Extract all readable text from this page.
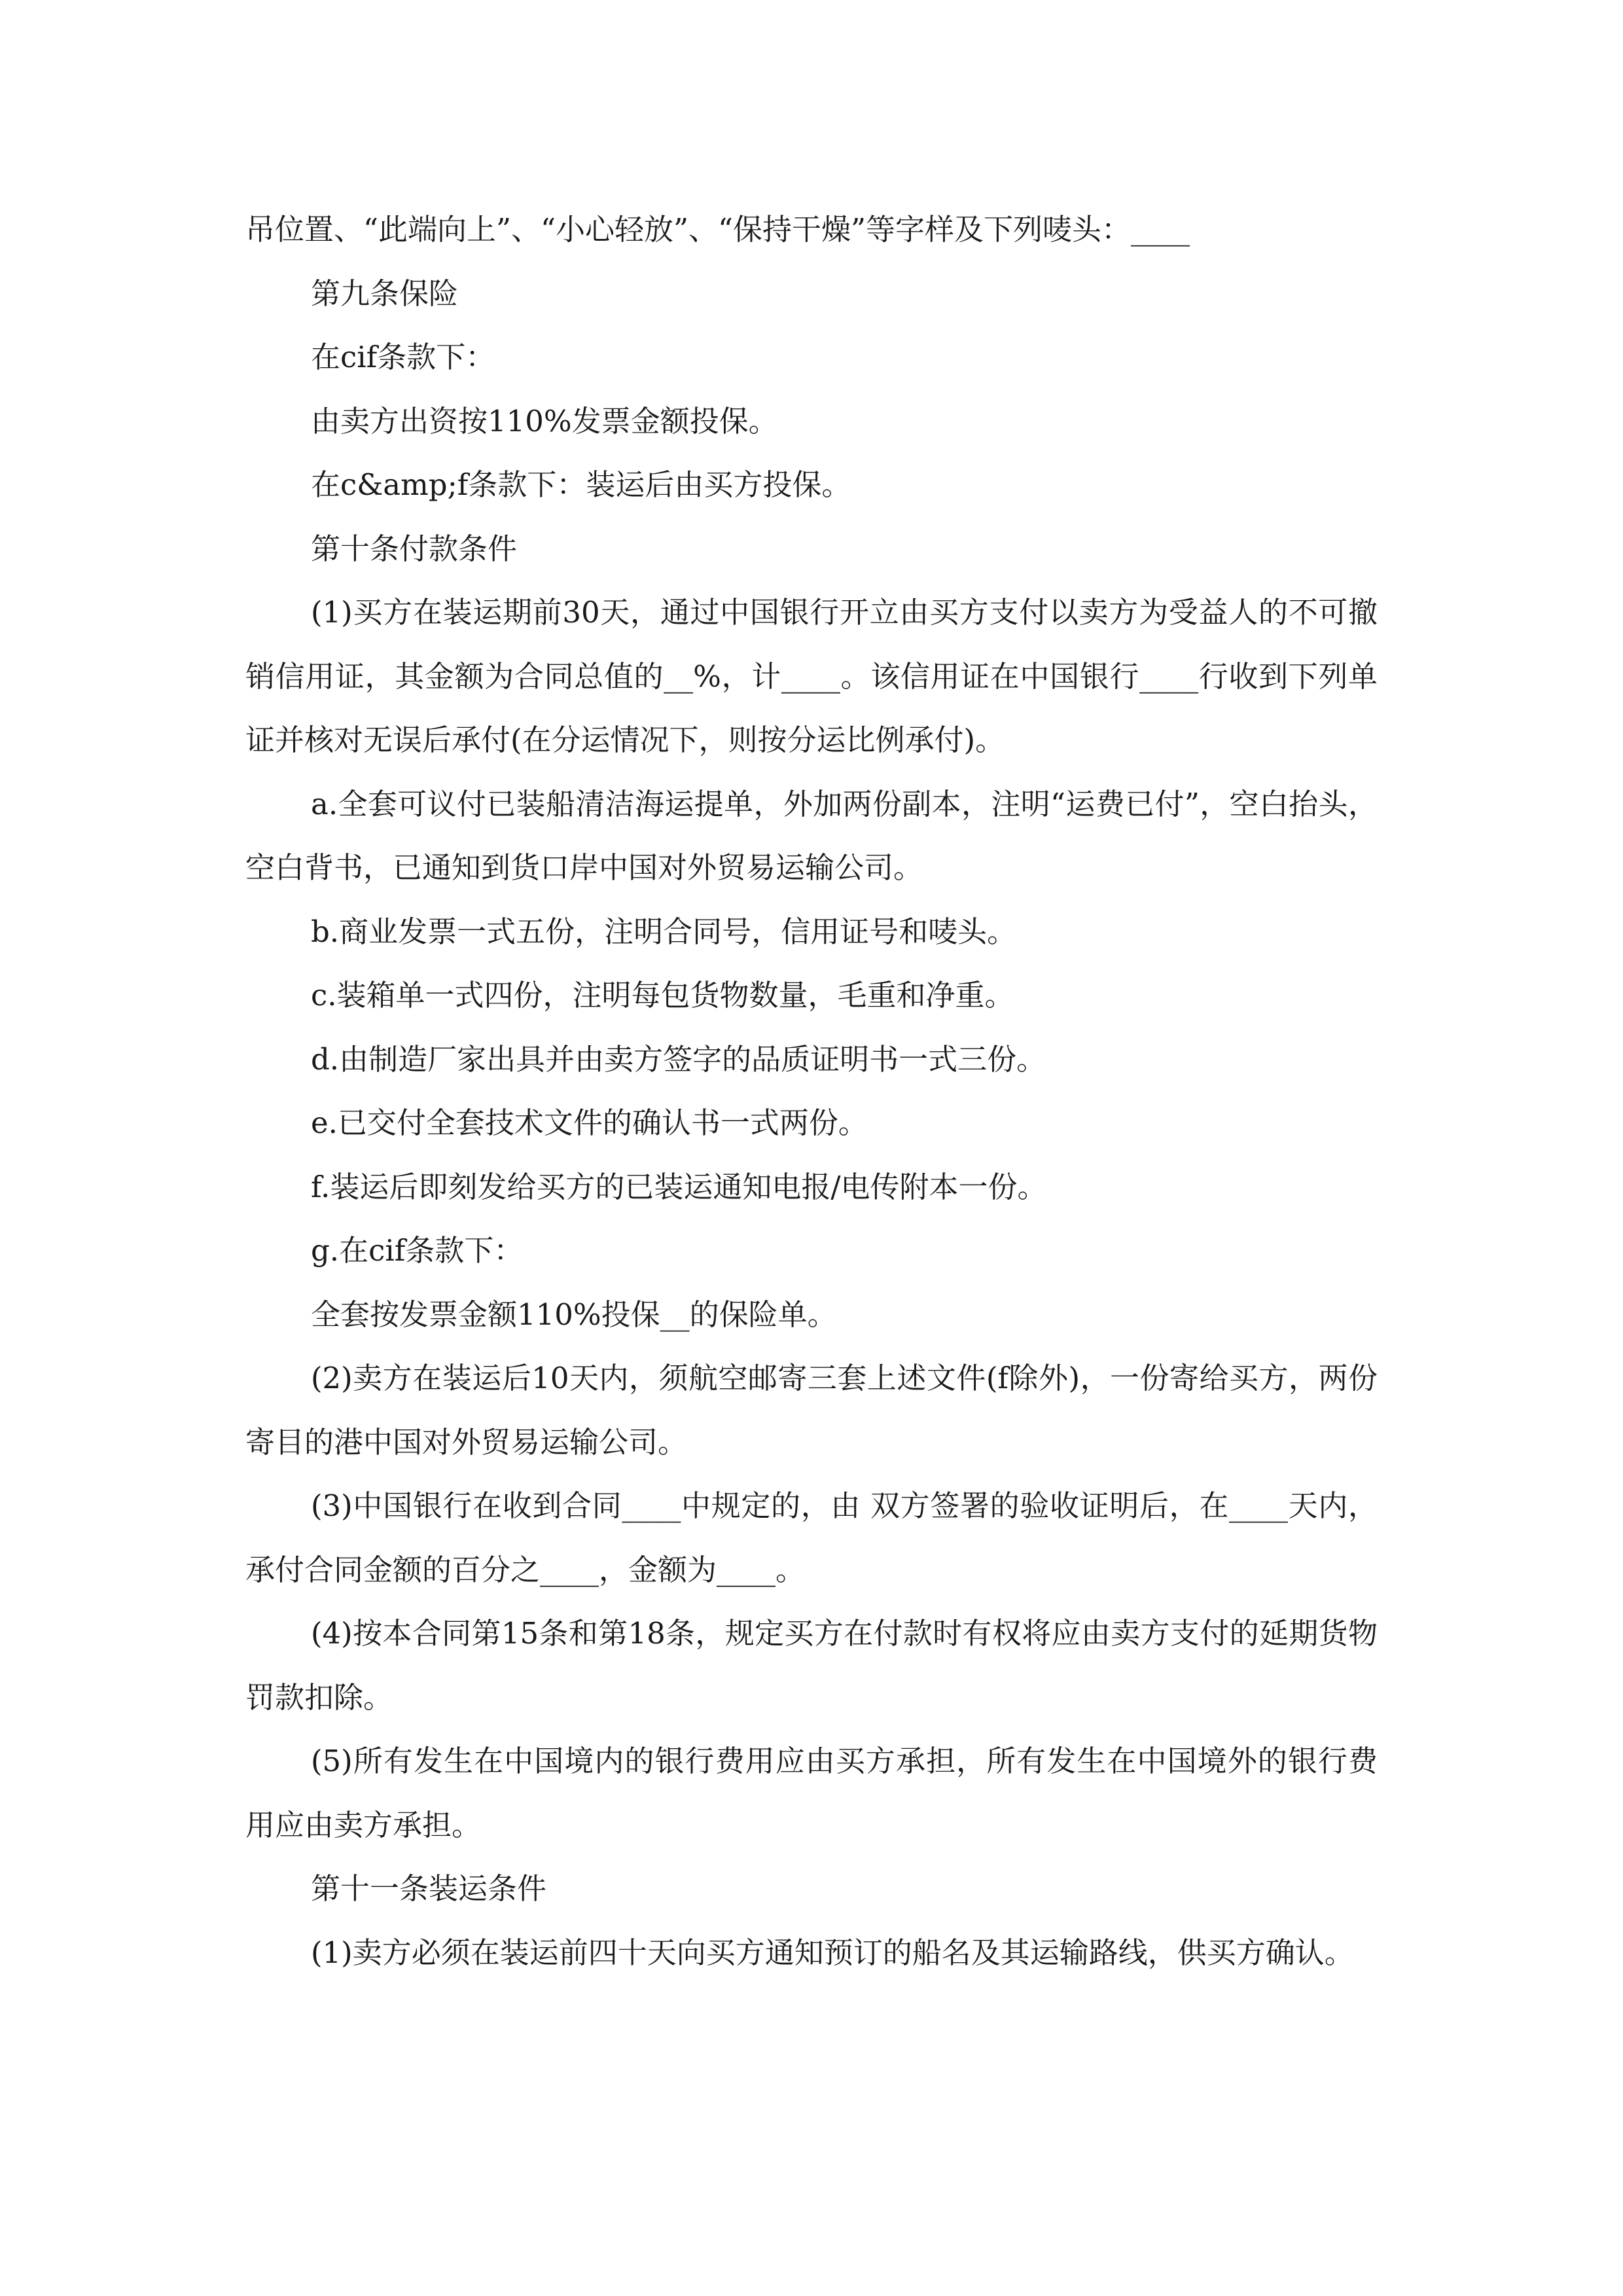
吊位置、“此端向上”、“小心轻放”、“保持干燥”等字样及下列唛头：____

第九条保险

在cif条款下：

由卖方出资按110%发票金额投保。

在c&amp;f条款下：装运后由买方投保。

第十条付款条件

(1)买方在装运期前30天，通过中国银行开立由买方支付以卖方为受益人的不可撤销信用证，其金额为合同总值的__%，计____。该信用证在中国银行____行收到下列单证并核对无误后承付(在分运情况下，则按分运比例承付)。

a.全套可议付已装船清洁海运提单，外加两份副本，注明“运费已付”，空白抬头，空白背书，已通知到货口岸中国对外贸易运输公司。

b.商业发票一式五份，注明合同号，信用证号和唛头。

c.装箱单一式四份，注明每包货物数量，毛重和净重。

d.由制造厂家出具并由卖方签字的品质证明书一式三份。

e.已交付全套技术文件的确认书一式两份。

f.装运后即刻发给买方的已装运通知电报/电传附本一份。

g.在cif条款下：

全套按发票金额110%投保__的保险单。

(2)卖方在装运后10天内，须航空邮寄三套上述文件(f除外)，一份寄给买方，两份寄目的港中国对外贸易运输公司。

(3)中国银行在收到合同____中规定的，由 双方签署的验收证明后，在____天内，承付合同金额的百分之____，金额为____。

(4)按本合同第15条和第18条，规定买方在付款时有权将应由卖方支付的延期货物罚款扣除。

(5)所有发生在中国境内的银行费用应由买方承担，所有发生在中国境外的银行费用应由卖方承担。

第十一条装运条件

(1)卖方必须在装运前四十天向买方通知预订的船名及其运输路线，供买方确认。
